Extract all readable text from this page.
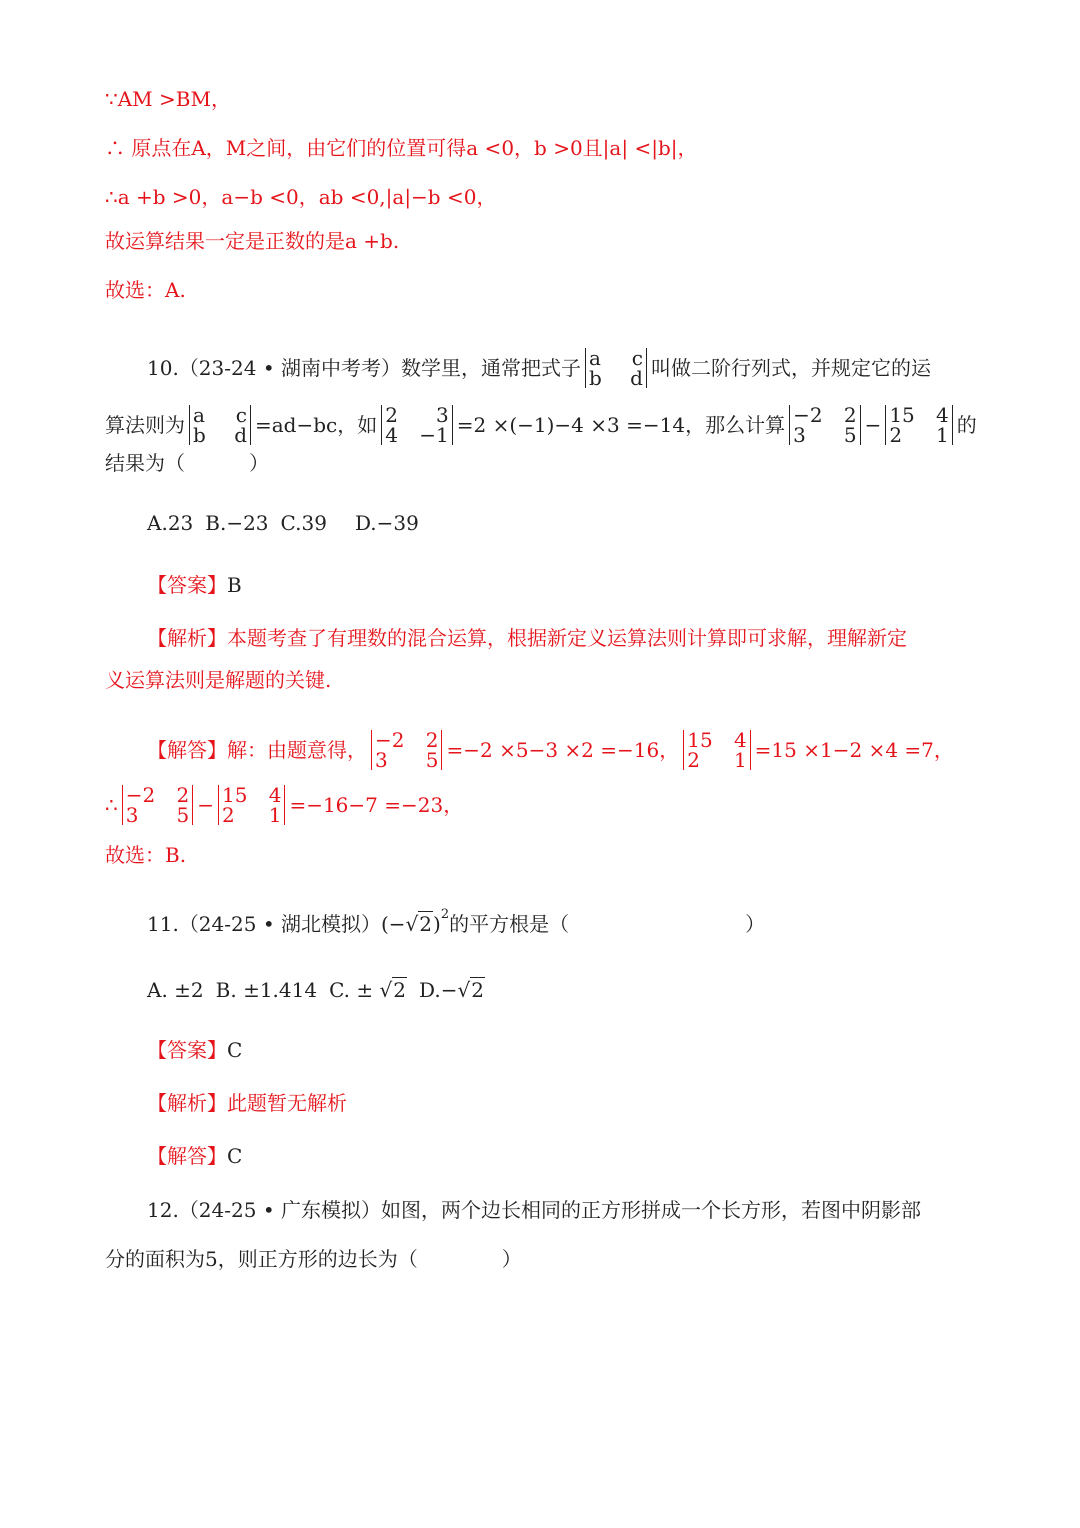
∵AM >BM，
∴ 原点在A，M之间，由它们的位置可得a <0，b >0且|a| <|b|，
∴a +b >0，a−b <0，ab <0,|a|−b <0，
故运算结果一定是正数的是a +b.
故选：A.
10. （23-24 • 湖南中考考） 数学里，通常把式子 a	c
b	d 叫做二阶行列式，并规定它的运
算法则为 a	c
b	d =ad−bc，如 2	3
4	−1 =2 ×(−1)−4 ×3 =−14，那么计算 −2	2
3	5 − 15	4
2	1 的
结果为（	）
A. 23 B. −23 C. 39 D. −39
【答案】 B
【解析】 本题考查了有理数的混合运算，根据新定义运算法则计算即可求解，理解新定
义运算法则是解题的关键.
【解答】 解：由题意得， −2	2
3	5 =−2 ×5−3 ×2 =−16， 15	4
2	1 =15 ×1−2 ×4 =7，
∴ −2	2
3	5 − 15	4
2	1 =−16−7 =−23，
故选：B.
11. （24-25 • 湖北模拟） (− √2 ) 2 的平方根是（	）
A.
±2 B.
±1.414 C.
±
√2 D. − √2
【答案】 C
【解析】 此题暂无解析
【解答】 C
12. （24-25 • 广东模拟） 如图，两个边长相同的正方形拼成一个长方形，若图中阴影部
分的面积为5，则正方形的边长为（	）
